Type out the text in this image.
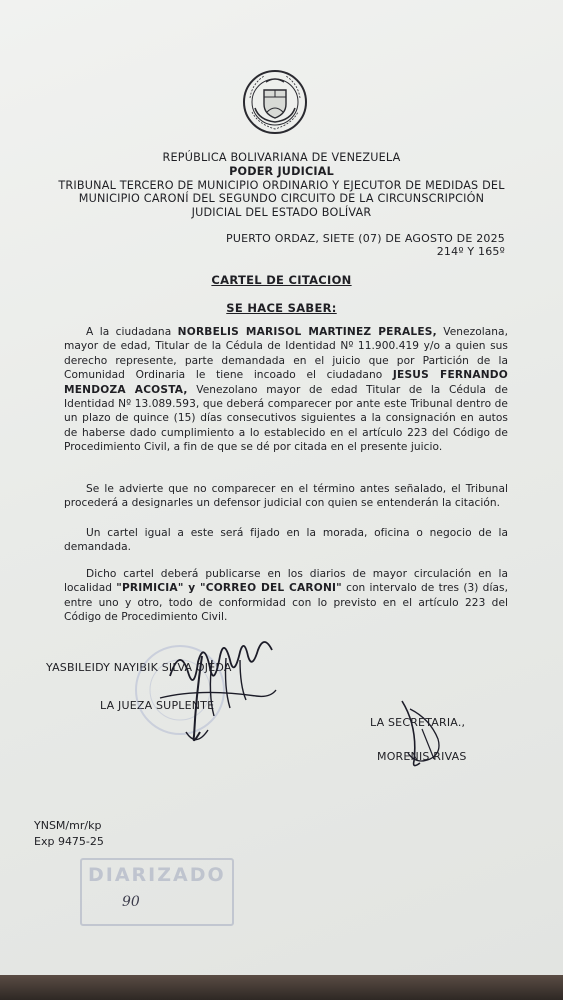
REPÚBLICA BOLIVARIANA DE VENEZUELA
PODER JUDICIAL
TRIBUNAL TERCERO DE MUNICIPIO ORDINARIO Y EJECUTOR DE MEDIDAS DEL
MUNICIPIO CARONÍ DEL SEGUNDO CIRCUITO DE LA CIRCUNSCRIPCIÓN
JUDICIAL DEL ESTADO BOLÍVAR
PUERTO ORDAZ, SIETE (07) DE AGOSTO DE 2025
214º Y 165º
CARTEL DE CITACION
SE HACE SABER:
A la ciudadana NORBELIS MARISOL MARTINEZ PERALES, Venezolana, mayor de edad, Titular de la Cédula de Identidad Nº 11.900.419 y/o a quien sus derecho represente, parte demandada en el juicio que por Partición de la Comunidad Ordinaria le tiene incoado el ciudadano JESUS FERNANDO MENDOZA ACOSTA, Venezolano mayor de edad Titular de la Cédula de Identidad Nº 13.089.593, que deberá comparecer por ante este Tribunal dentro de un plazo de quince (15) días consecutivos siguientes a la consignación en autos de haberse dado cumplimiento a lo establecido en el artículo 223 del Código de Procedimiento Civil, a fin de que se dé por citada en el presente juicio.
Se le advierte que no comparecer en el término antes señalado, el Tribunal procederá a designarles un defensor judicial con quien se entenderán la citación.
Un cartel igual a este será fijado en la morada, oficina o negocio de la demandada.
Dicho cartel deberá publicarse en los diarios de mayor circulación en la localidad "PRIMICIA" y "CORREO DEL CARONI" con intervalo de tres (3) días, entre uno y otro, todo de conformidad con lo previsto en el artículo 223 del Código de Procedimiento Civil.
YASBILEIDY NAYIBIK SILVA OJEDA
LA JUEZA SUPLENTE
LA SECRETARIA.,
MORENIS RIVAS
YNSM/mr/kp
Exp 9475-25
DIARIZADO
90
